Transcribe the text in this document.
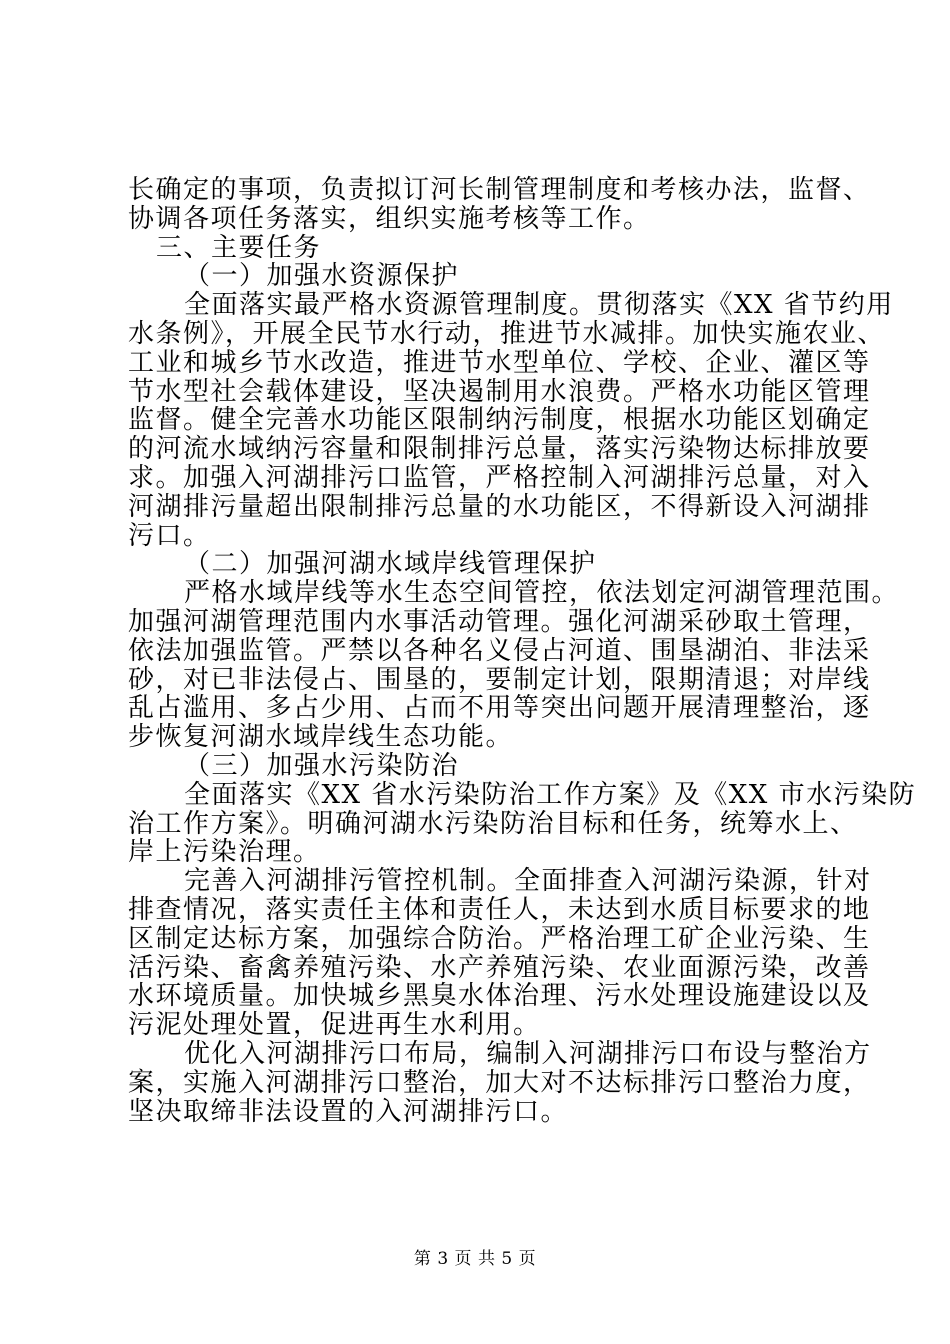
长确定的事项，负责拟订河长制管理制度和考核办法，监督、
协调各项任务落实，组织实施考核等工作。
三、主要任务
（一）加强水资源保护
全面落实最严格水资源管理制度。贯彻落实《XX 省节约用
水条例》，开展全民节水行动，推进节水减排。加快实施农业、
工业和城乡节水改造，推进节水型单位、学校、企业、灌区等
节水型社会载体建设，坚决遏制用水浪费。严格水功能区管理
监督。健全完善水功能区限制纳污制度，根据水功能区划确定
的河流水域纳污容量和限制排污总量，落实污染物达标排放要
求。加强入河湖排污口监管，严格控制入河湖排污总量，对入
河湖排污量超出限制排污总量的水功能区，不得新设入河湖排
污口。
（二）加强河湖水域岸线管理保护
严格水域岸线等水生态空间管控，依法划定河湖管理范围。
加强河湖管理范围内水事活动管理。强化河湖采砂取土管理，
依法加强监管。严禁以各种名义侵占河道、围垦湖泊、非法采
砂，对已非法侵占、围垦的，要制定计划，限期清退；对岸线
乱占滥用、多占少用、占而不用等突出问题开展清理整治，逐
步恢复河湖水域岸线生态功能。
（三）加强水污染防治
全面落实《XX 省水污染防治工作方案》及《XX 市水污染防
治工作方案》。明确河湖水污染防治目标和任务，统筹水上、
岸上污染治理。
完善入河湖排污管控机制。全面排查入河湖污染源，针对
排查情况，落实责任主体和责任人，未达到水质目标要求的地
区制定达标方案，加强综合防治。严格治理工矿企业污染、生
活污染、畜禽养殖污染、水产养殖污染、农业面源污染，改善
水环境质量。加快城乡黑臭水体治理、污水处理设施建设以及
污泥处理处置，促进再生水利用。
优化入河湖排污口布局，编制入河湖排污口布设与整治方
案，实施入河湖排污口整治，加大对不达标排污口整治力度，
坚决取缔非法设置的入河湖排污口。
第 3 页 共 5 页
